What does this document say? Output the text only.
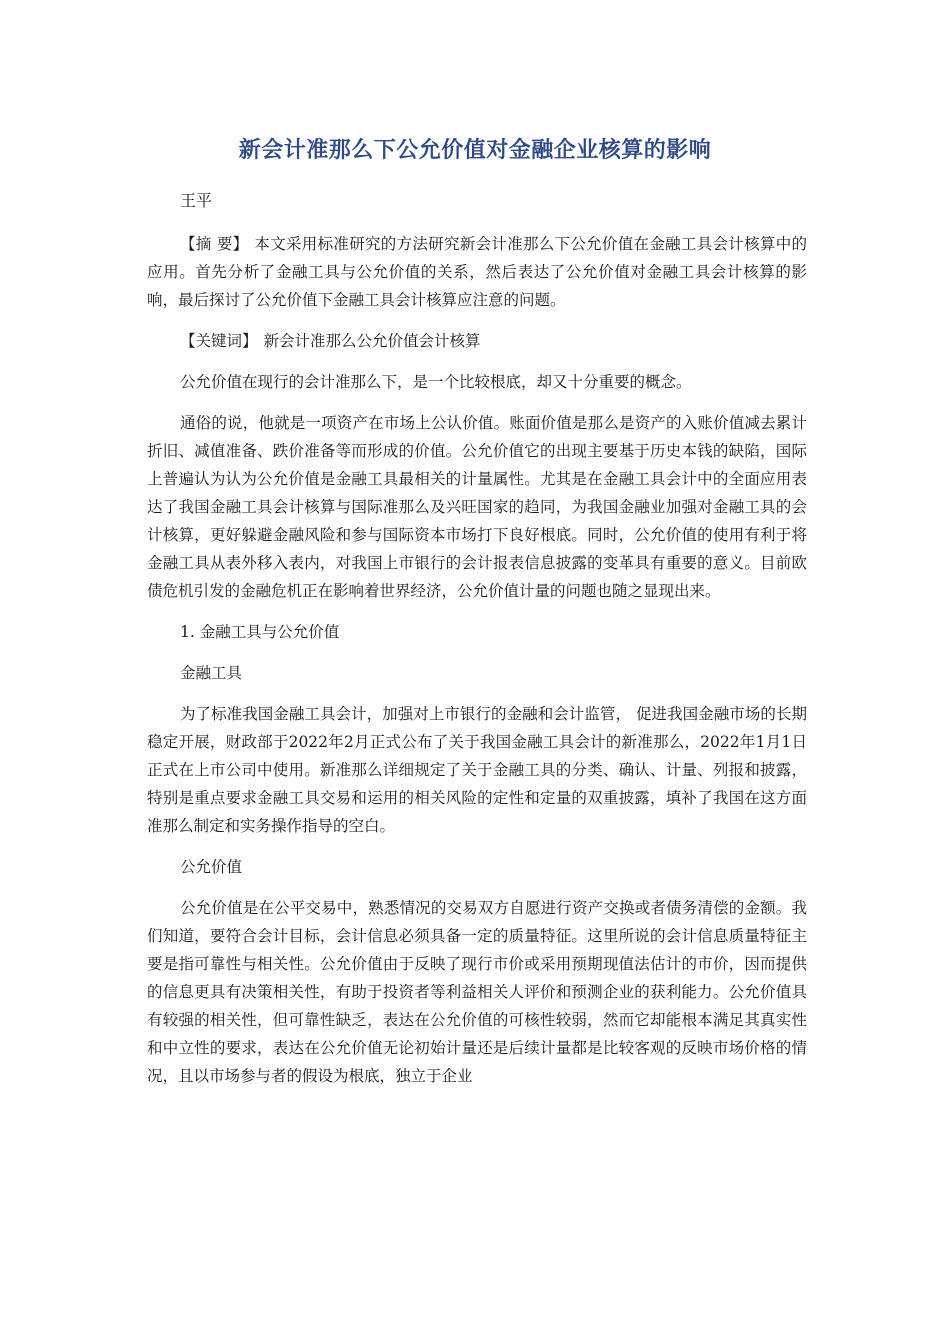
新会计准那么下公允价值对金融企业核算的影响
王平

【摘 要】 本文采用标准研究的方法研究新会计准那么下公允价值在金融工具会计核算中的应用。首先分析了金融工具与公允价值的关系，然后表达了公允价值对金融工具会计核算的影响，最后探讨了公允价值下金融工具会计核算应注意的问题。

【关键词】 新会计准那么公允价值会计核算

公允价值在现行的会计准那么下，是一个比较根底，却又十分重要的概念。

通俗的说，他就是一项资产在市场上公认价值。账面价值是那么是资产的入账价值减去累计折旧、减值准备、跌价准备等而形成的价值。公允价值它的出现主要基于历史本钱的缺陷，国际上普遍认为认为公允价值是金融工具最相关的计量属性。尤其是在金融工具会计中的全面应用表达了我国金融工具会计核算与国际准那么及兴旺国家的趋同，为我国金融业加强对金融工具的会计核算，更好躲避金融风险和参与国际资本市场打下良好根底。同时，公允价值的使用有利于将金融工具从表外移入表内，对我国上市银行的会计报表信息披露的变革具有重要的意义。目前欧债危机引发的金融危机正在影响着世界经济，公允价值计量的问题也随之显现出来。

1. 金融工具与公允价值

金融工具

为了标准我国金融工具会计，加强对上市银行的金融和会计监管， 促进我国金融市场的长期稳定开展，财政部于2022年2月正式公布了关于我国金融工具会计的新准那么，2022年1月1日正式在上市公司中使用。新准那么详细规定了关于金融工具的分类、确认、计量、列报和披露，特别是重点要求金融工具交易和运用的相关风险的定性和定量的双重披露，填补了我国在这方面准那么制定和实务操作指导的空白。

公允价值

公允价值是在公平交易中，熟悉情况的交易双方自愿进行资产交换或者债务清偿的金额。我们知道，要符合会计目标，会计信息必须具备一定的质量特征。这里所说的会计信息质量特征主要是指可靠性与相关性。公允价值由于反映了现行市价或采用预期现值法估计的市价，因而提供的信息更具有决策相关性，有助于投资者等利益相关人评价和预测企业的获利能力。公允价值具有较强的相关性，但可靠性缺乏，表达在公允价值的可核性较弱，然而它却能根本满足其真实性和中立性的要求，表达在公允价值无论初始计量还是后续计量都是比较客观的反映市场价格的情况，且以市场参与者的假设为根底，独立于企业
